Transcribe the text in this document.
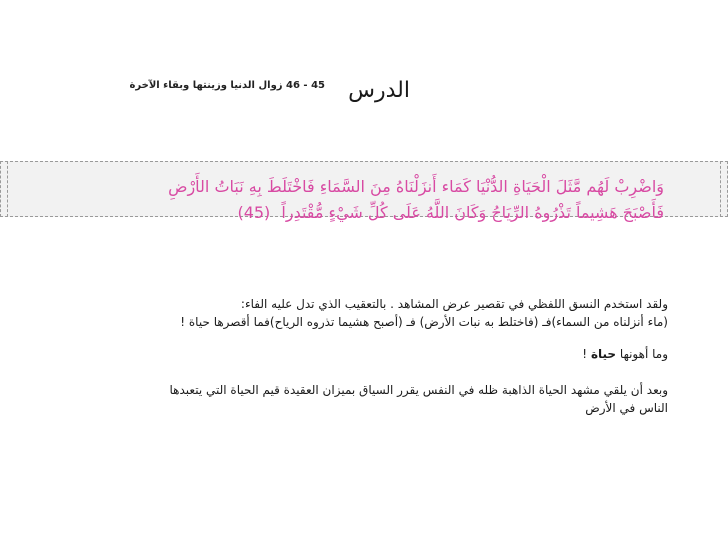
الدرس
45 - 46 زوال الدنيا وزينتها وبقاء الآخرة
وَاضْرِبْ لَهُم مَّثَلَ الْحَيَاةِ الدُّنْيَا كَمَاء أَنزَلْنَاهُ مِنَ السَّمَاءِ فَاخْتَلَطَ بِهِ نَبَاتُ الأَرْضِ
فَأَصْبَحَ هَشِيماً تَذْرُوهُ الرِّيَاحُ وَكَانَ اللَّهُ عَلَى كُلِّ شَيْءٍ مُّقْتَدِراً (45)
ولقد استخدم النسق اللفظي في تقصير عرض المشاهد . بالتعقيب الذي تدل عليه الفاء:
(ماء أنزلناه من السماء)فـ (فاختلط به نبات الأرض) فـ (أصبح هشيما تذروه الرياح)فما أقصرها حياة !
وما أهونها حياة !
وبعد أن يلقي مشهد الحياة الذاهبة ظله في النفس يقرر السياق بميزان العقيدة قيم الحياة التي يتعبدها
الناس في الأرض
